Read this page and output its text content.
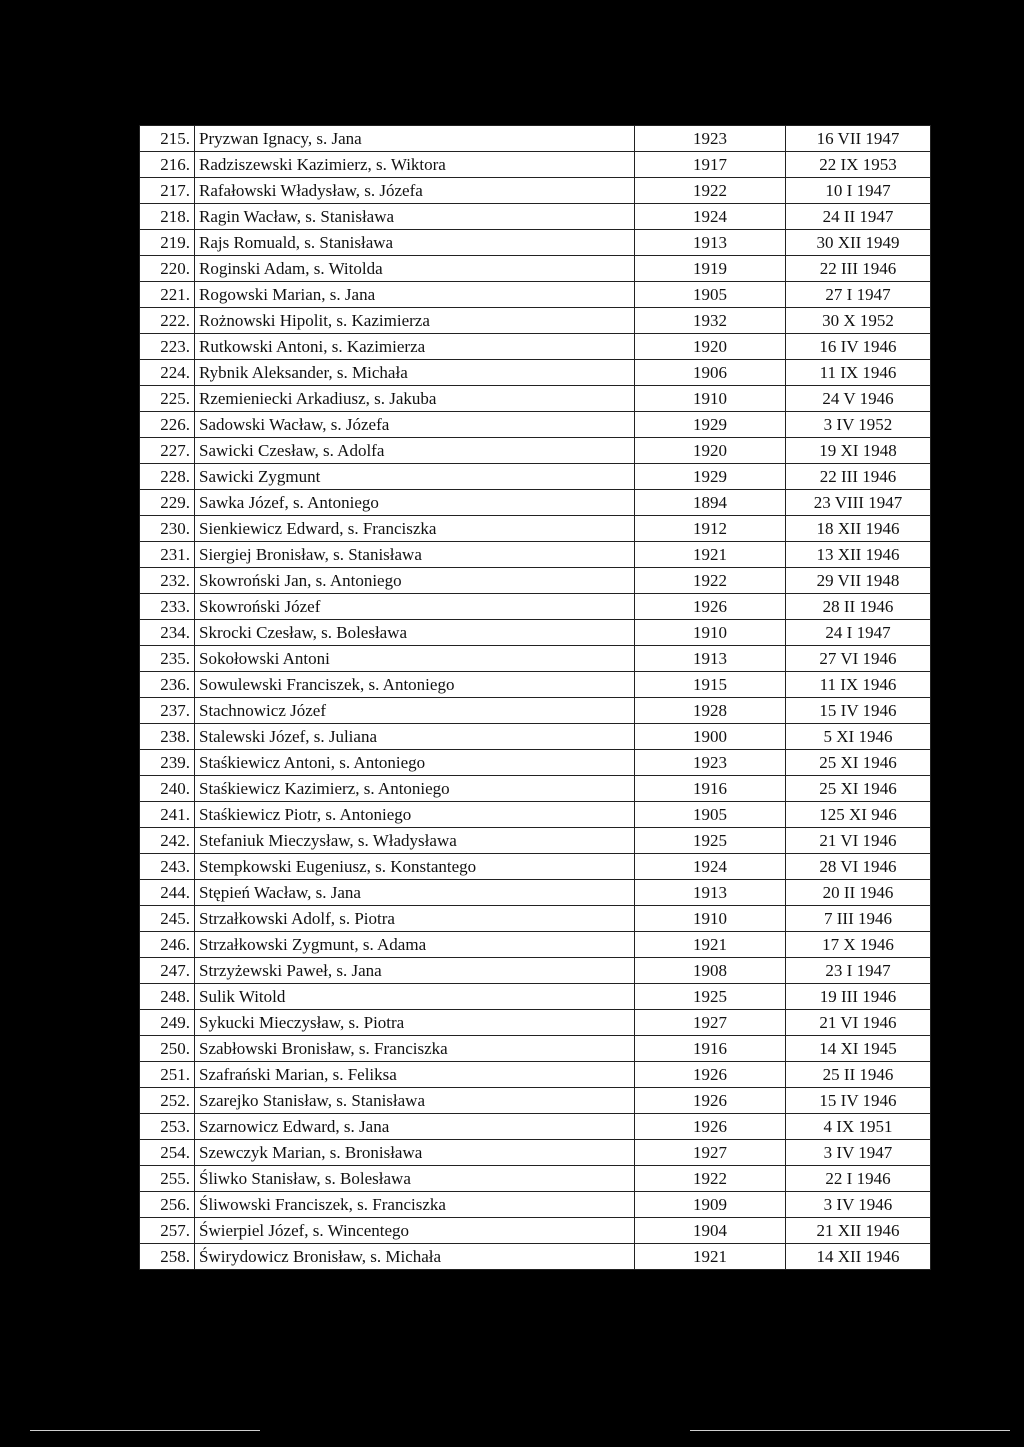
215.	Pryzwan Ignacy, s. Jana	1923	16 VII 1947
216.	Radziszewski Kazimierz, s. Wiktora	1917	22 IX 1953
217.	Rafałowski Władysław, s. Józefa	1922	10 I 1947
218.	Ragin Wacław, s. Stanisława	1924	24 II 1947
219.	Rajs Romuald, s. Stanisława	1913	30 XII 1949
220.	Roginski Adam, s. Witolda	1919	22 III 1946
221.	Rogowski Marian, s. Jana	1905	27 I 1947
222.	Rożnowski Hipolit, s. Kazimierza	1932	30 X 1952
223.	Rutkowski Antoni, s. Kazimierza	1920	16 IV 1946
224.	Rybnik Aleksander, s. Michała	1906	11 IX 1946
225.	Rzemieniecki Arkadiusz, s. Jakuba	1910	24 V 1946
226.	Sadowski Wacław, s. Józefa	1929	3 IV 1952
227.	Sawicki Czesław, s. Adolfa	1920	19 XI 1948
228.	Sawicki Zygmunt	1929	22 III 1946
229.	Sawka Józef, s. Antoniego	1894	23 VIII 1947
230.	Sienkiewicz Edward, s. Franciszka	1912	18 XII 1946
231.	Siergiej Bronisław, s. Stanisława	1921	13 XII 1946
232.	Skowroński Jan, s. Antoniego	1922	29 VII 1948
233.	Skowroński Józef	1926	28 II 1946
234.	Skrocki Czesław, s. Bolesława	1910	24 I 1947
235.	Sokołowski Antoni	1913	27 VI 1946
236.	Sowulewski Franciszek, s. Antoniego	1915	11 IX 1946
237.	Stachnowicz Józef	1928	15 IV 1946
238.	Stalewski Józef, s. Juliana	1900	5 XI 1946
239.	Staśkiewicz Antoni, s. Antoniego	1923	25 XI 1946
240.	Staśkiewicz Kazimierz, s. Antoniego	1916	25 XI 1946
241.	Staśkiewicz Piotr, s. Antoniego	1905	125 XI 946
242.	Stefaniuk Mieczysław, s. Władysława	1925	21 VI 1946
243.	Stempkowski Eugeniusz, s. Konstantego	1924	28 VI 1946
244.	Stępień Wacław, s. Jana	1913	20 II 1946
245.	Strzałkowski Adolf, s. Piotra	1910	7 III 1946
246.	Strzałkowski Zygmunt, s. Adama	1921	17 X 1946
247.	Strzyżewski Paweł, s. Jana	1908	23 I 1947
248.	Sulik Witold	1925	19 III 1946
249.	Sykucki Mieczysław, s. Piotra	1927	21 VI 1946
250.	Szabłowski Bronisław, s. Franciszka	1916	14 XI 1945
251.	Szafrański Marian, s. Feliksa	1926	25 II 1946
252.	Szarejko Stanisław, s. Stanisława	1926	15 IV 1946
253.	Szarnowicz Edward, s. Jana	1926	4 IX 1951
254.	Szewczyk Marian, s. Bronisława	1927	3 IV 1947
255.	Śliwko Stanisław, s. Bolesława	1922	22 I 1946
256.	Śliwowski Franciszek, s. Franciszka	1909	3 IV 1946
257.	Świerpiel Józef, s. Wincentego	1904	21 XII 1946
258.	Świrydowicz Bronisław, s. Michała	1921	14 XII 1946
